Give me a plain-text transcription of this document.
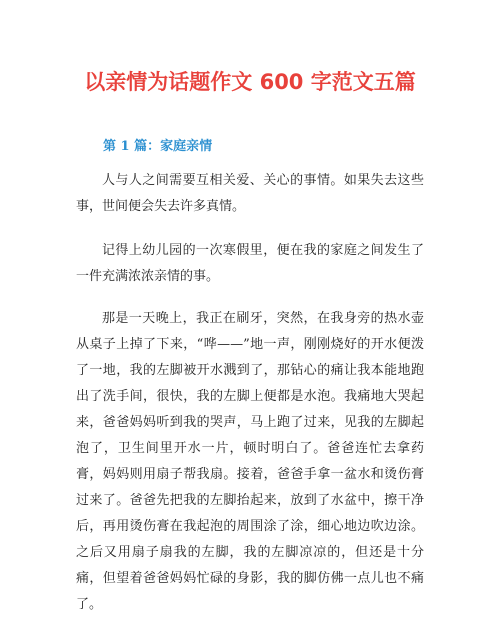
以亲情为话题作文 600 字范文五篇
第 1 篇：家庭亲情

人与人之间需要互相关爱、关心的事情。如果失去这些事，世间便会失去许多真情。

记得上幼儿园的一次寒假里，便在我的家庭之间发生了一件充满浓浓亲情的事。

那是一天晚上，我正在刷牙，突然，在我身旁的热水壶从桌子上掉了下来，“哗——”地一声，刚刚烧好的开水便泼了一地，我的左脚被开水溅到了，那钻心的痛让我本能地跑出了洗手间，很快，我的左脚上便都是水泡。我痛地大哭起来，爸爸妈妈听到我的哭声，马上跑了过来，见我的左脚起泡了，卫生间里开水一片，顿时明白了。爸爸连忙去拿药膏，妈妈则用扇子帮我扇。接着，爸爸手拿一盆水和烫伤膏过来了。爸爸先把我的左脚抬起来，放到了水盆中，擦干净后，再用烫伤膏在我起泡的周围涂了涂，细心地边吹边涂。之后又用扇子扇我的左脚，我的左脚凉凉的，但还是十分痛，但望着爸爸妈妈忙碌的身影，我的脚仿佛一点儿也不痛了。
